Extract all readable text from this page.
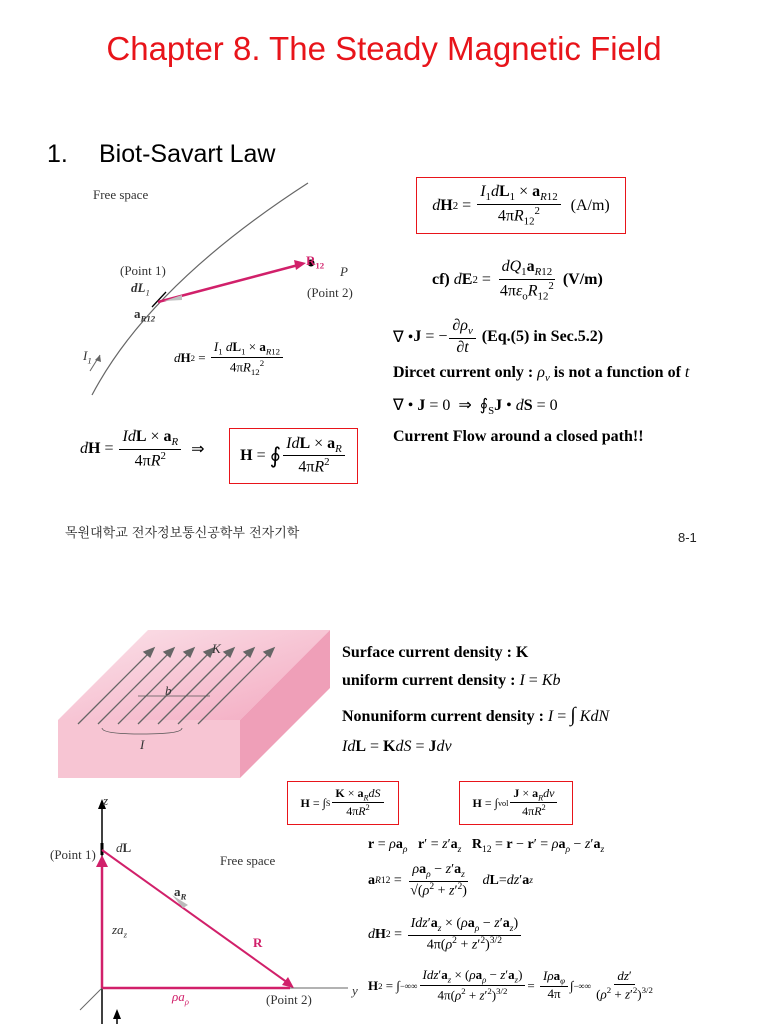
Chapter 8. The Steady Magnetic Field
1. Biot-Savart Law
Free space
(Point 1)
$dL_1$
$a_{R12}$
$R_{12}$ P
(Point 2)
$I_1$	d H $2 = \frac{I_1 dL_1 \times a_{R12}}{4\pi R_{12}^2}$
d H $2 = \frac{I_1dL_1 \times a_{R12}}{4\pi R_{12}^2}$
(A/m)
cf)
d E $2 = \frac{dQ_1a_{R12}}{4\pi\varepsilon_oR_{12}^2}$
(V/m)
∇ • J = − $\frac{\partial\rho_v}{\partial t}$
(Eq.(5) in Sec.5.2)
Dircet current only : $\rho_v$ is not a function of t
∇ • J = 0  ⇒  $∮_SJ$ • dS = 0
Current Flow around a closed path!!
d $H = \frac{IdL \times a_R}{4\pi R^2}$ ⇒ H = ∮ $\frac{IdL \times a_R}{4\pi R^2}$
목원대학교 전자정보통신공학부 전자기학	8-1
K
b
I
Surface current density : K
uniform current density : I = Kb
Nonuniform current density : I = ∫ KdN
IdL = KdS = Jdv
H = ∫ S $\frac{K \times a_RdS}{4\pi R^2}$	H = ∫ vol $\frac{J \times a_Rdv}{4\pi R^2}$
z
y
(Point 1)
(Point 2)
dL
Free space
$a_R$
R
$za_z$
$\rho a_\rho$
$r = \rho a_\rho$ $r' = z'a_z$ $R_{12} = r - r' = \rho a_\rho - z'a_z$
a R $12 = \frac{\rho a_\rho - z'a_z}{√(\rho^2 + z'^2)}$
d L = dz ′ a z
d H $2 = \frac{Idz'a_z \times (\rho a_\rho - z'a_z)}{4\pi(\rho^2 + z'^2)^{3/2}}$
H 2 = ∫ −∞ ∞ $\frac{Idz'a_z \times (\rho a_\rho - z'a_z)}{4\pi(\rho^2 + z'^2)^{3/2}} = \frac{I\rho a_\varphi}{4\pi}$ ∫ −∞ ∞ $\frac{dz'}{(\rho^2 + z'^2)^{3/2}}$
